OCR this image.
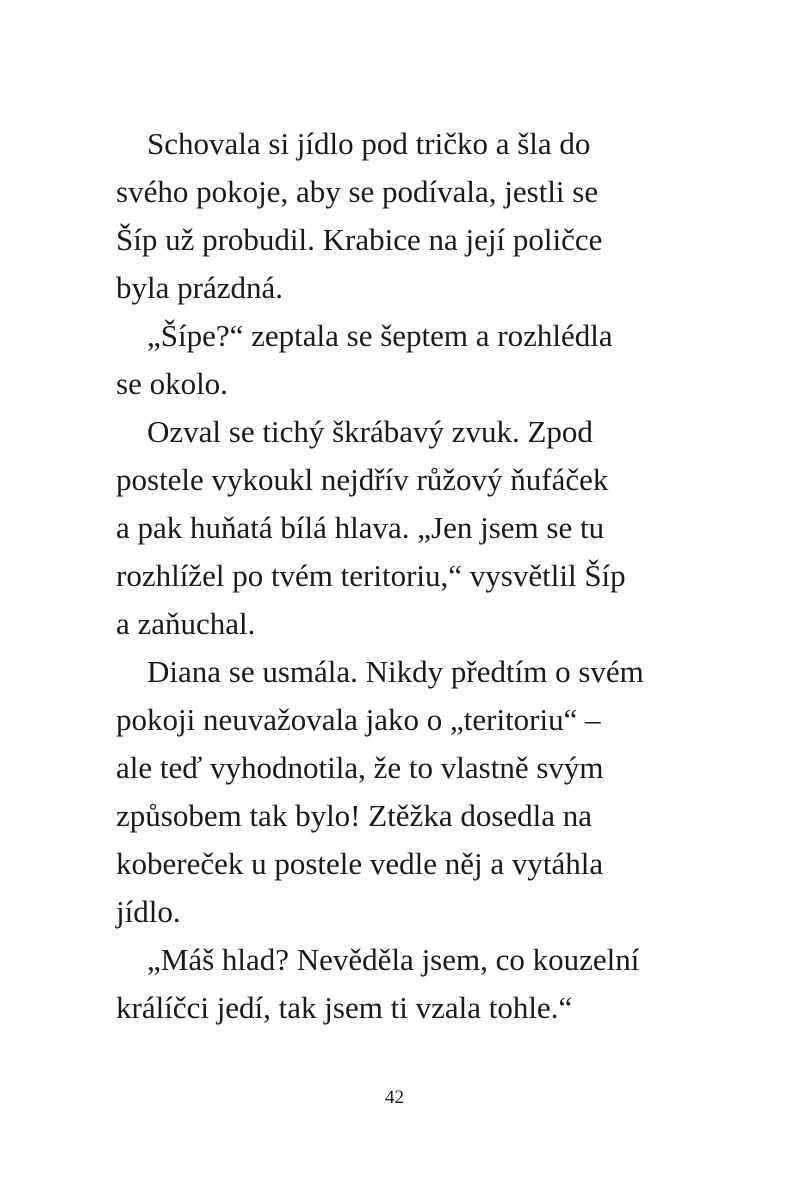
Schovala si jídlo pod tričko a šla do
svého pokoje, aby se podívala, jestli se
Šíp už probudil. Krabice na její poličce
byla prázdná.
„Šípe?“ zeptala se šeptem a rozhlédla
se okolo.
Ozval se tichý škrábavý zvuk. Zpod
postele vykoukl nejdřív růžový ňufáček
a pak huňatá bílá hlava. „Jen jsem se tu
rozhlížel po tvém teritoriu,“ vysvětlil Šíp
a zaňuchal.
Diana se usmála. Nikdy předtím o svém
pokoji neuvažovala jako o „teritoriu“ –
ale teď vyhodnotila, že to vlastně svým
způsobem tak bylo! Ztěžka dosedla na
kobereček u postele vedle něj a vytáhla
jídlo.
„Máš hlad? Nevěděla jsem, co kouzelní
králíčci jedí, tak jsem ti vzala tohle.“
42
